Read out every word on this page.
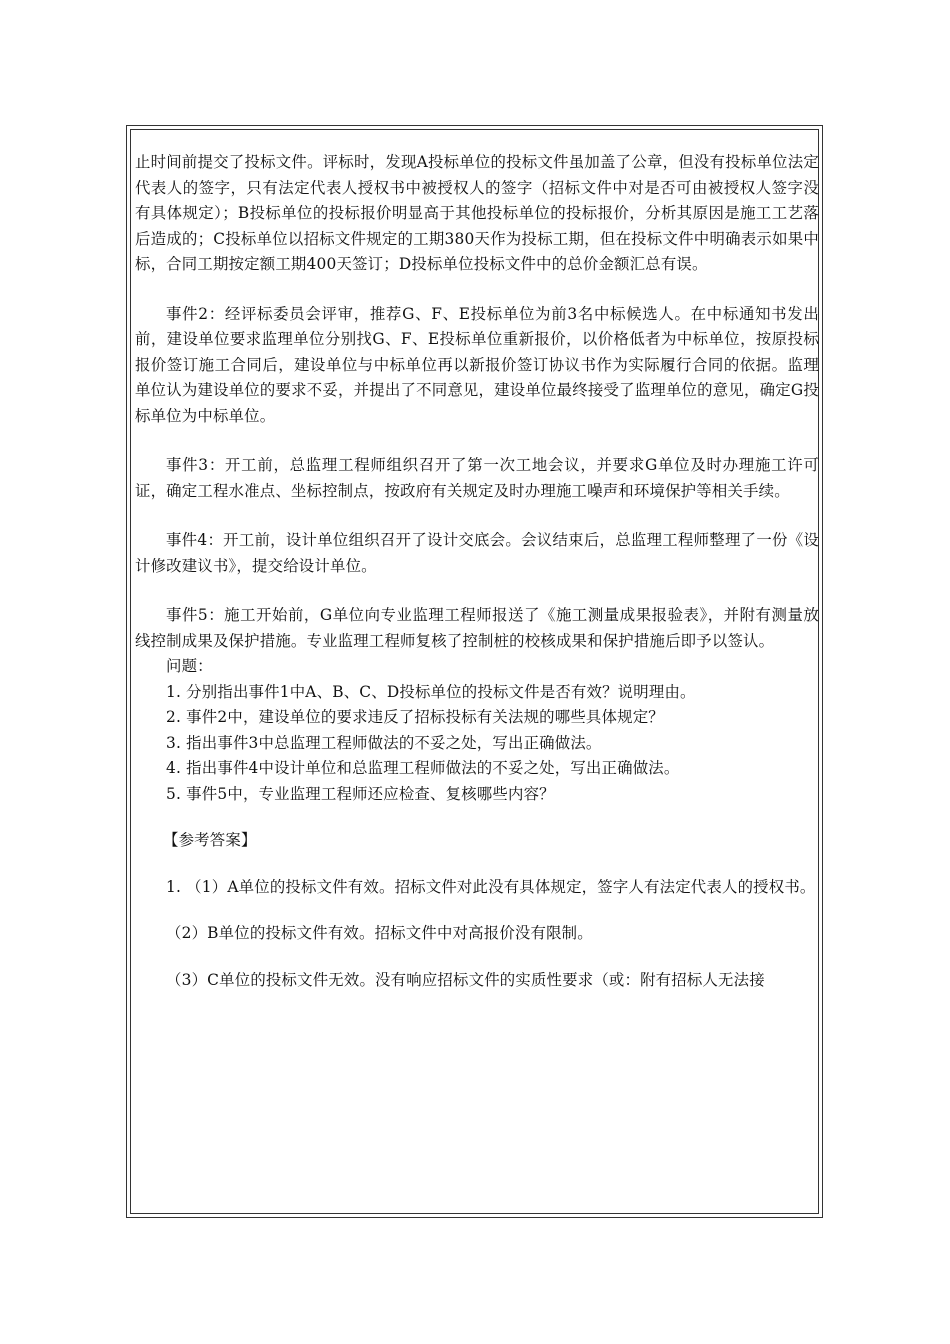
止时间前提交了投标文件。评标时，发现A投标单位的投标文件虽加盖了公章，但没有投标单位法定代表人的签字，只有法定代表人授权书中被授权人的签字（招标文件中对是否可由被授权人签字没有具体规定）；B投标单位的投标报价明显高于其他投标单位的投标报价，分析其原因是施工工艺落后造成的；C投标单位以招标文件规定的工期380天作为投标工期，但在投标文件中明确表示如果中标，合同工期按定额工期400天签订；D投标单位投标文件中的总价金额汇总有误。

事件2：经评标委员会评审，推荐G、F、E投标单位为前3名中标候选人。在中标通知书发出前，建设单位要求监理单位分别找G、F、E投标单位重新报价，以价格低者为中标单位，按原投标报价签订施工合同后，建设单位与中标单位再以新报价签订协议书作为实际履行合同的依据。监理单位认为建设单位的要求不妥，并提出了不同意见，建设单位最终接受了监理单位的意见，确定G投标单位为中标单位。

事件3：开工前，总监理工程师组织召开了第一次工地会议，并要求G单位及时办理施工许可证，确定工程水准点、坐标控制点，按政府有关规定及时办理施工噪声和环境保护等相关手续。

事件4：开工前，设计单位组织召开了设计交底会。会议结束后，总监理工程师整理了一份《设计修改建议书》，提交给设计单位。

事件5：施工开始前，G单位向专业监理工程师报送了《施工测量成果报验表》，并附有测量放线控制成果及保护措施。专业监理工程师复核了控制桩的校核成果和保护措施后即予以签认。

问题：

1. 分别指出事件1中A、B、C、D投标单位的投标文件是否有效？说明理由。

2. 事件2中，建设单位的要求违反了招标投标有关法规的哪些具体规定？

3. 指出事件3中总监理工程师做法的不妥之处，写出正确做法。

4. 指出事件4中设计单位和总监理工程师做法的不妥之处，写出正确做法。

5. 事件5中，专业监理工程师还应检查、复核哪些内容？

【参考答案】

1. （1）A单位的投标文件有效。招标文件对此没有具体规定，签字人有法定代表人的授权书。

（2）B单位的投标文件有效。招标文件中对高报价没有限制。

（3）C单位的投标文件无效。没有响应招标文件的实质性要求（或：附有招标人无法接
